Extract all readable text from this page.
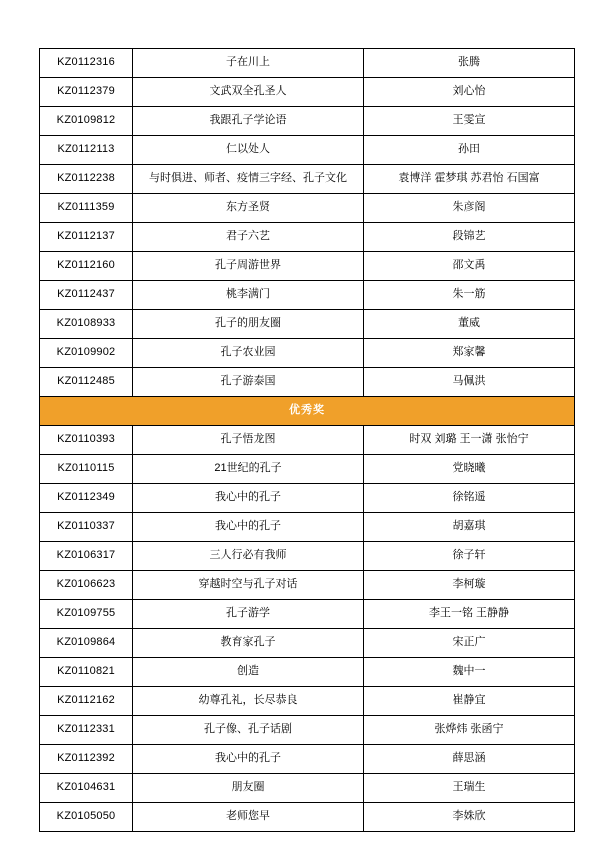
KZ0112316	子在川上	张腾
KZ0112379	文武双全孔圣人	刘心怡
KZ0109812	我跟孔子学论语	王雯宣
KZ0112113	仁以处人	孙田
KZ0112238	与时俱进、师者、疫情三字经、孔子文化	袁博洋 霍梦琪 苏君怡 石国富
KZ0111359	东方圣贤	朱彦阁
KZ0112137	君子六艺	段锦艺
KZ0112160	孔子周游世界	邵文禹
KZ0112437	桃李满门	朱一筋
KZ0108933	孔子的朋友圈	董威
KZ0109902	孔子农业园	郑家馨
KZ0112485	孔子游泰国	马佩洪
优秀奖		
KZ0110393	孔子悟龙图	时双 刘璐 王一潇 张怡宁
KZ0110115	21世纪的孔子	党晓曦
KZ0112349	我心中的孔子	徐铭遥
KZ0110337	我心中的孔子	胡嘉琪
KZ0106317	三人行必有我师	徐子轩
KZ0106623	穿越时空与孔子对话	李柯璇
KZ0109755	孔子游学	李王一铭 王静静
KZ0109864	教育家孔子	宋正广
KZ0110821	创造	魏中一
KZ0112162	幼尊孔礼，长尽恭良	崔静宜
KZ0112331	孔子像、孔子话剧	张烨炜 张函宁
KZ0112392	我心中的孔子	薛思涵
KZ0104631	朋友圈	王瑞生
KZ0105050	老师您早	李姝欣
